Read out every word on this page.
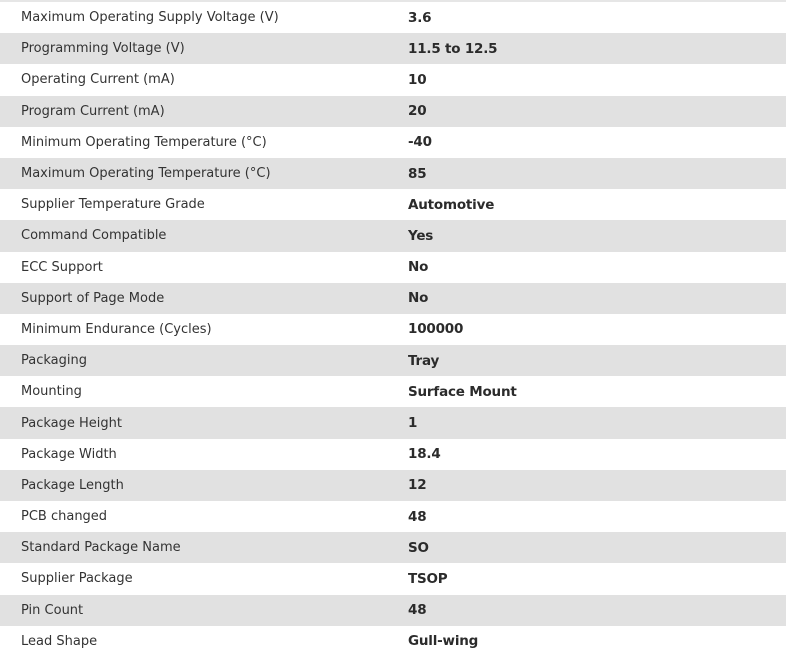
Maximum Operating Supply Voltage (V)	3.6
Programming Voltage (V)	11.5 to 12.5
Operating Current (mA)	10
Program Current (mA)	20
Minimum Operating Temperature (°C)	-40
Maximum Operating Temperature (°C)	85
Supplier Temperature Grade	Automotive
Command Compatible	Yes
ECC Support	No
Support of Page Mode	No
Minimum Endurance (Cycles)	100000
Packaging	Tray
Mounting	Surface Mount
Package Height	1
Package Width	18.4
Package Length	12
PCB changed	48
Standard Package Name	SO
Supplier Package	TSOP
Pin Count	48
Lead Shape	Gull-wing
